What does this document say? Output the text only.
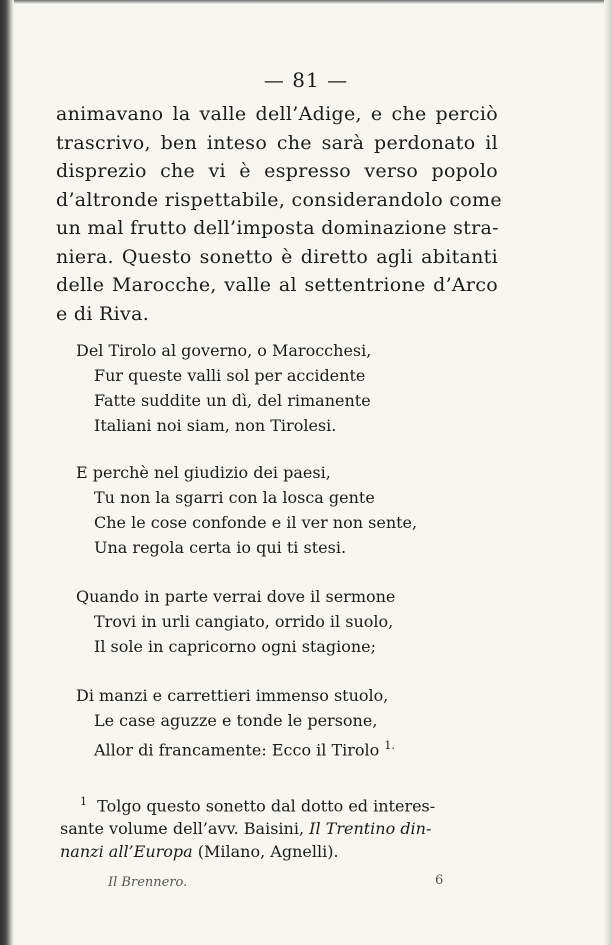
— 81 —
animavano la valle dell’Adige, e che perciò
trascrivo, ben inteso che sarà perdonato il
disprezio che vi è espresso verso popolo
d’altronde rispettabile, considerandolo come
un mal frutto dell’imposta dominazione stra-
niera. Questo sonetto è diretto agli abitanti
delle Marocche, valle al settentrione d’Arco
e di Riva.
Del Tirolo al governo, o Marocchesi,
Fur queste valli sol per accidente
Fatte suddite un dì, del rimanente
Italiani noi siam, non Tirolesi.
E perchè nel giudizio dei paesi,
Tu non la sgarri con la losca gente
Che le cose confonde e il ver non sente,
Una regola certa io qui ti stesi.
Quando in parte verrai dove il sermone
Trovi in urli cangiato, orrido il suolo,
Il sole in capricorno ogni stagione;
Di manzi e carrettieri immenso stuolo,
Le case aguzze e tonde le persone,
Allor di francamente: Ecco il Tirolo $^{1.}$
$^1$ Tolgo questo sonetto dal dotto ed interes-
sante volume dell’avv. Baisini, Il Trentino din-
nanzi all’Europa (Milano, Agnelli).
Il Brennero.	6
